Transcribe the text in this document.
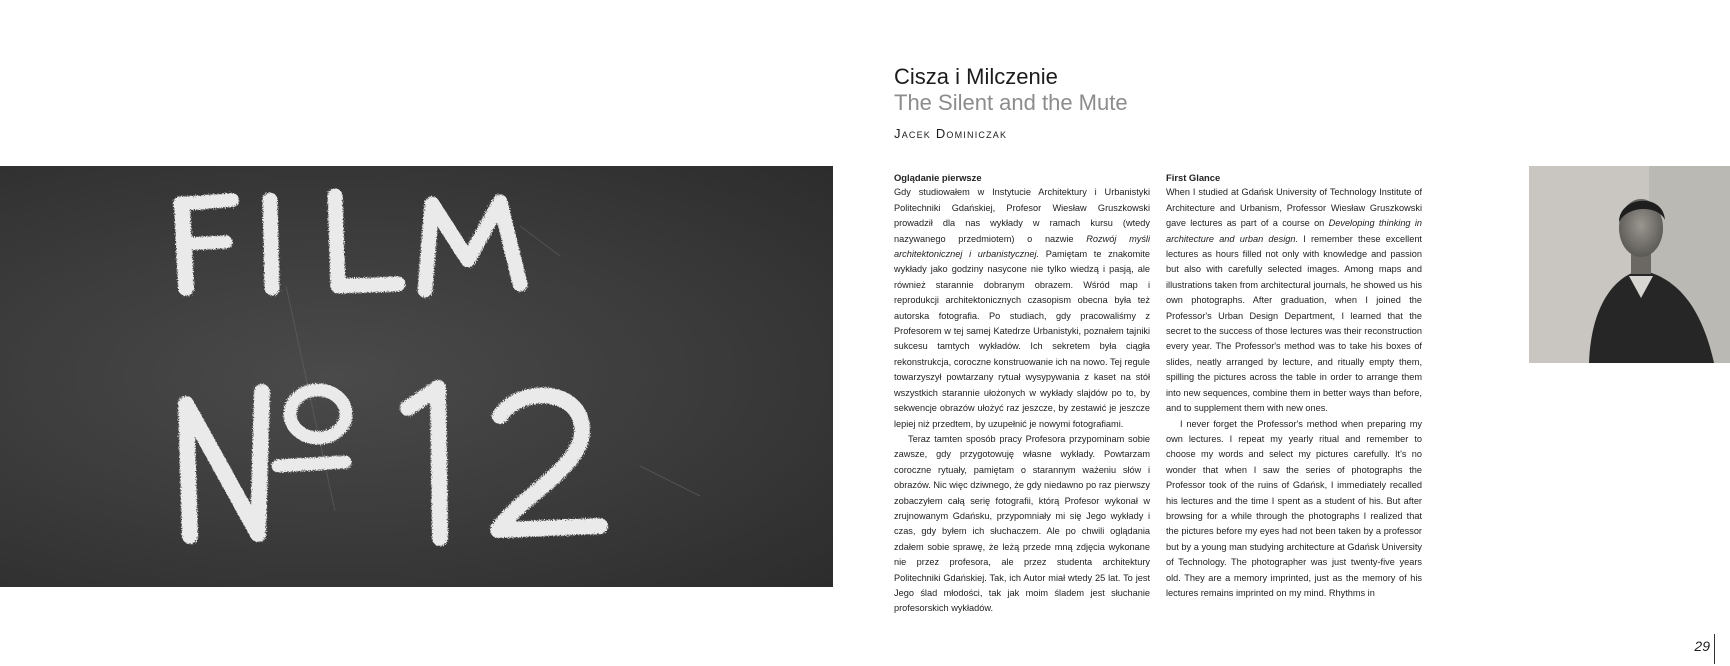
Cisza i Milczenie
The Silent and the Mute
Jacek Dominiczak
Oglądanie pierwsze

Gdy studiowałem w Instytucie Architektury i Urbanistyki Politechniki Gdańskiej, Profesor Wiesław Gruszkowski prowadził dla nas wykłady w ramach kursu (wtedy nazywanego przedmiotem) o nazwie Rozwój myśli architektonicznej i urbanistycznej. Pamiętam te znakomite wykłady jako godziny nasycone nie tylko wiedzą i pasją, ale również starannie dobranym obrazem. Wśród map i reprodukcji architektonicznych czasopism obecna była też autorska fotografia. Po studiach, gdy pracowaliśmy z Profesorem w tej samej Katedrze Urbanistyki, poznałem tajniki sukcesu tamtych wykładów. Ich sekretem była ciągła rekonstrukcja, coroczne konstruowanie ich na nowo. Tej regule towarzyszył powtarzany rytuał wysypywania z kaset na stół wszystkich starannie ułożonych w wykłady slajdów po to, by sekwencje obrazów ułożyć raz jeszcze, by zestawić je jeszcze lepiej niż przedtem, by uzupełnić je nowymi fotografiami.

Teraz tamten sposób pracy Profesora przypominam sobie zawsze, gdy przygotowuję własne wykłady. Powtarzam coroczne rytuały, pamiętam o starannym ważeniu słów i obrazów. Nic więc dziwnego, że gdy niedawno po raz pierwszy zobaczyłem całą serię fotografii, którą Profesor wykonał w zrujnowanym Gdańsku, przypomniały mi się Jego wykłady i czas, gdy byłem ich słuchaczem. Ale po chwili oglądania zdałem sobie sprawę, że leżą przede mną zdjęcia wykonane nie przez profesora, ale przez studenta architektury Politechniki Gdańskiej. Tak, ich Autor miał wtedy 25 lat. To jest Jego ślad młodości, tak jak moim śladem jest słuchanie profesorskich wykładów.

First Glance

When I studied at Gdańsk University of Technology Institute of Architecture and Urbanism, Professor Wiesław Gruszkowski gave lectures as part of a course on Developing thinking in architecture and urban design. I remember these excellent lectures as hours filled not only with knowledge and passion but also with carefully selected images. Among maps and illustrations taken from architectural journals, he showed us his own photographs. After graduation, when I joined the Professor's Urban Design Department, I learned that the secret to the success of those lectures was their reconstruction every year. The Professor's method was to take his boxes of slides, neatly arranged by lecture, and ritually empty them, spilling the pictures across the table in order to arrange them into new sequences, combine them in better ways than before, and to supplement them with new ones.

I never forget the Professor's method when preparing my own lectures. I repeat my yearly ritual and remember to choose my words and select my pictures carefully. It's no wonder that when I saw the series of photographs the Professor took of the ruins of Gdańsk, I immediately recalled his lectures and the time I spent as a student of his. But after browsing for a while through the photographs I realized that the pictures before my eyes had not been taken by a professor but by a young man studying architecture at Gdańsk University of Technology. The photographer was just twenty-five years old. They are a memory imprinted, just as the memory of his lectures remains imprinted on my mind. Rhythms in

29
